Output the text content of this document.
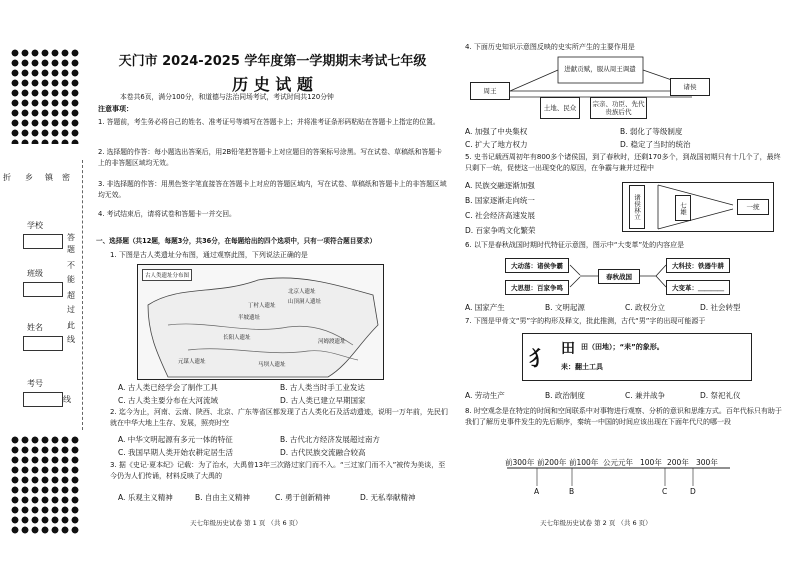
折 乡 镇 密
学校
班级
姓名
考号
答
题
不
能
超
过
此
线
线
天门市 2024-2025 学年度第一学期期末考试七年级
历 史 试 题
本卷共6页，满分100分，和道德与法治同场考试，考试时间共120分钟
注意事项：
1. 答题前，考生务必将自己的姓名、准考证号等填写在答题卡上；并将准考证条形码粘贴在答题卡上指定的位置。
2. 选择题的作答：每小题选出答案后，用2B铅笔把答题卡上对应题目的答案标号涂黑。写在试卷、草稿纸和答题卡上的非答题区域均无效。
3. 非选择题的作答：用黑色签字笔直接答在答题卡上对应的答题区域内，写在试卷、草稿纸和答题卡上的非答题区域均无效。
4. 考试结束后，请将试卷和答题卡一并交回。
一、选择题（共12题，每题3分，共36分，在每题给出的四个选项中，只有一项符合题目要求）
1. 下图是古人类遗址分布图，通过观察此图，下列说法正确的是
古人类遗址分布图
北京人遗址
山顶洞人遗址
元谋人遗址
河姆渡遗址
半坡遗址
马坝人遗址
丁村人遗址
长阳人遗址
A. 古人类已经学会了制作工具	B. 古人类当时手工业发达
C. 古人类主要分布在大河流域	D. 古人类已建立早期国家
2. 迄今为止，河南、云南、陕西、北京、广东等省区都发现了古人类化石及活动遗迹，说明一万年前，先民们就在中华大地上生存、发展，照亮时空
A. 中华文明起源有多元一体的特征	B. 古代北方经济发展超过南方
C. 我国早期人类开始农耕定居生活	D. 古代民族交流融合较高
3. 据《史记·夏本纪》记载：为了治水，大禹曾13年三次路过家门而不入。“三过家门而不入”被传为美谈，至今仍为人们传诵，材料反映了大禹的
A. 乐观主义精神	B. 自由主义精神	C. 勇于创新精神	D. 无私奉献精神
天七年级历史试卷 第 1 页 （共 6 页）
4. 下面历史知识示意图反映的史实所产生的主要作用是
进献贡赋，服从周王调遣
周王	诸侯
土地、民众	宗亲、功臣、先代贵族后代
A. 加强了中央集权	B. 弱化了等级制度
C. 扩大了地方权力	D. 稳定了当时的统治
5. 史书记载西周初年有800多个诸侯国，到了春秋时，还剩170多个，到战国初期只有十几个了，最终只剩下一统，促使这一出现变化的原因，在争霸与兼并过程中
A. 民族交融逐渐加强
B. 国家逐渐走向统一
C. 社会经济高速发展
D. 百家争鸣文化繁荣
诸侯林立	七雄	一统
6. 以下是春秋战国时期时代特征示意图，图示中“大变革”处的内容应是
大动荡：诸侯争霸
大思想：百家争鸣
春秋战国
大科技：铁器牛耕
大变革：＿＿＿＿
A. 国家产生	B. 文明起源	C. 政权分立	D. 社会转型
7. 下图是甲骨文“男”字的构形及释文，批此推测，古代“男”字的出现可能源于
犭 田 田（田地）；“耒”的象形。
耒：翻土工具
A. 劳动生产	B. 政治制度	C. 兼并战争	D. 祭祀礼仪
8. 时空观念是在特定的时间和空间联系中对事物进行观察、分析的意识和思维方式。百年代标只有助于我们了解历史事件发生的先后顺序，秦统一中国的时间应该出现在下面年代尺的哪一段
前300年 前200年 前100年 公元元年 100年 200年 300年
A	B	C	D
天七年级历史试卷 第 2 页 （共 6 页）
